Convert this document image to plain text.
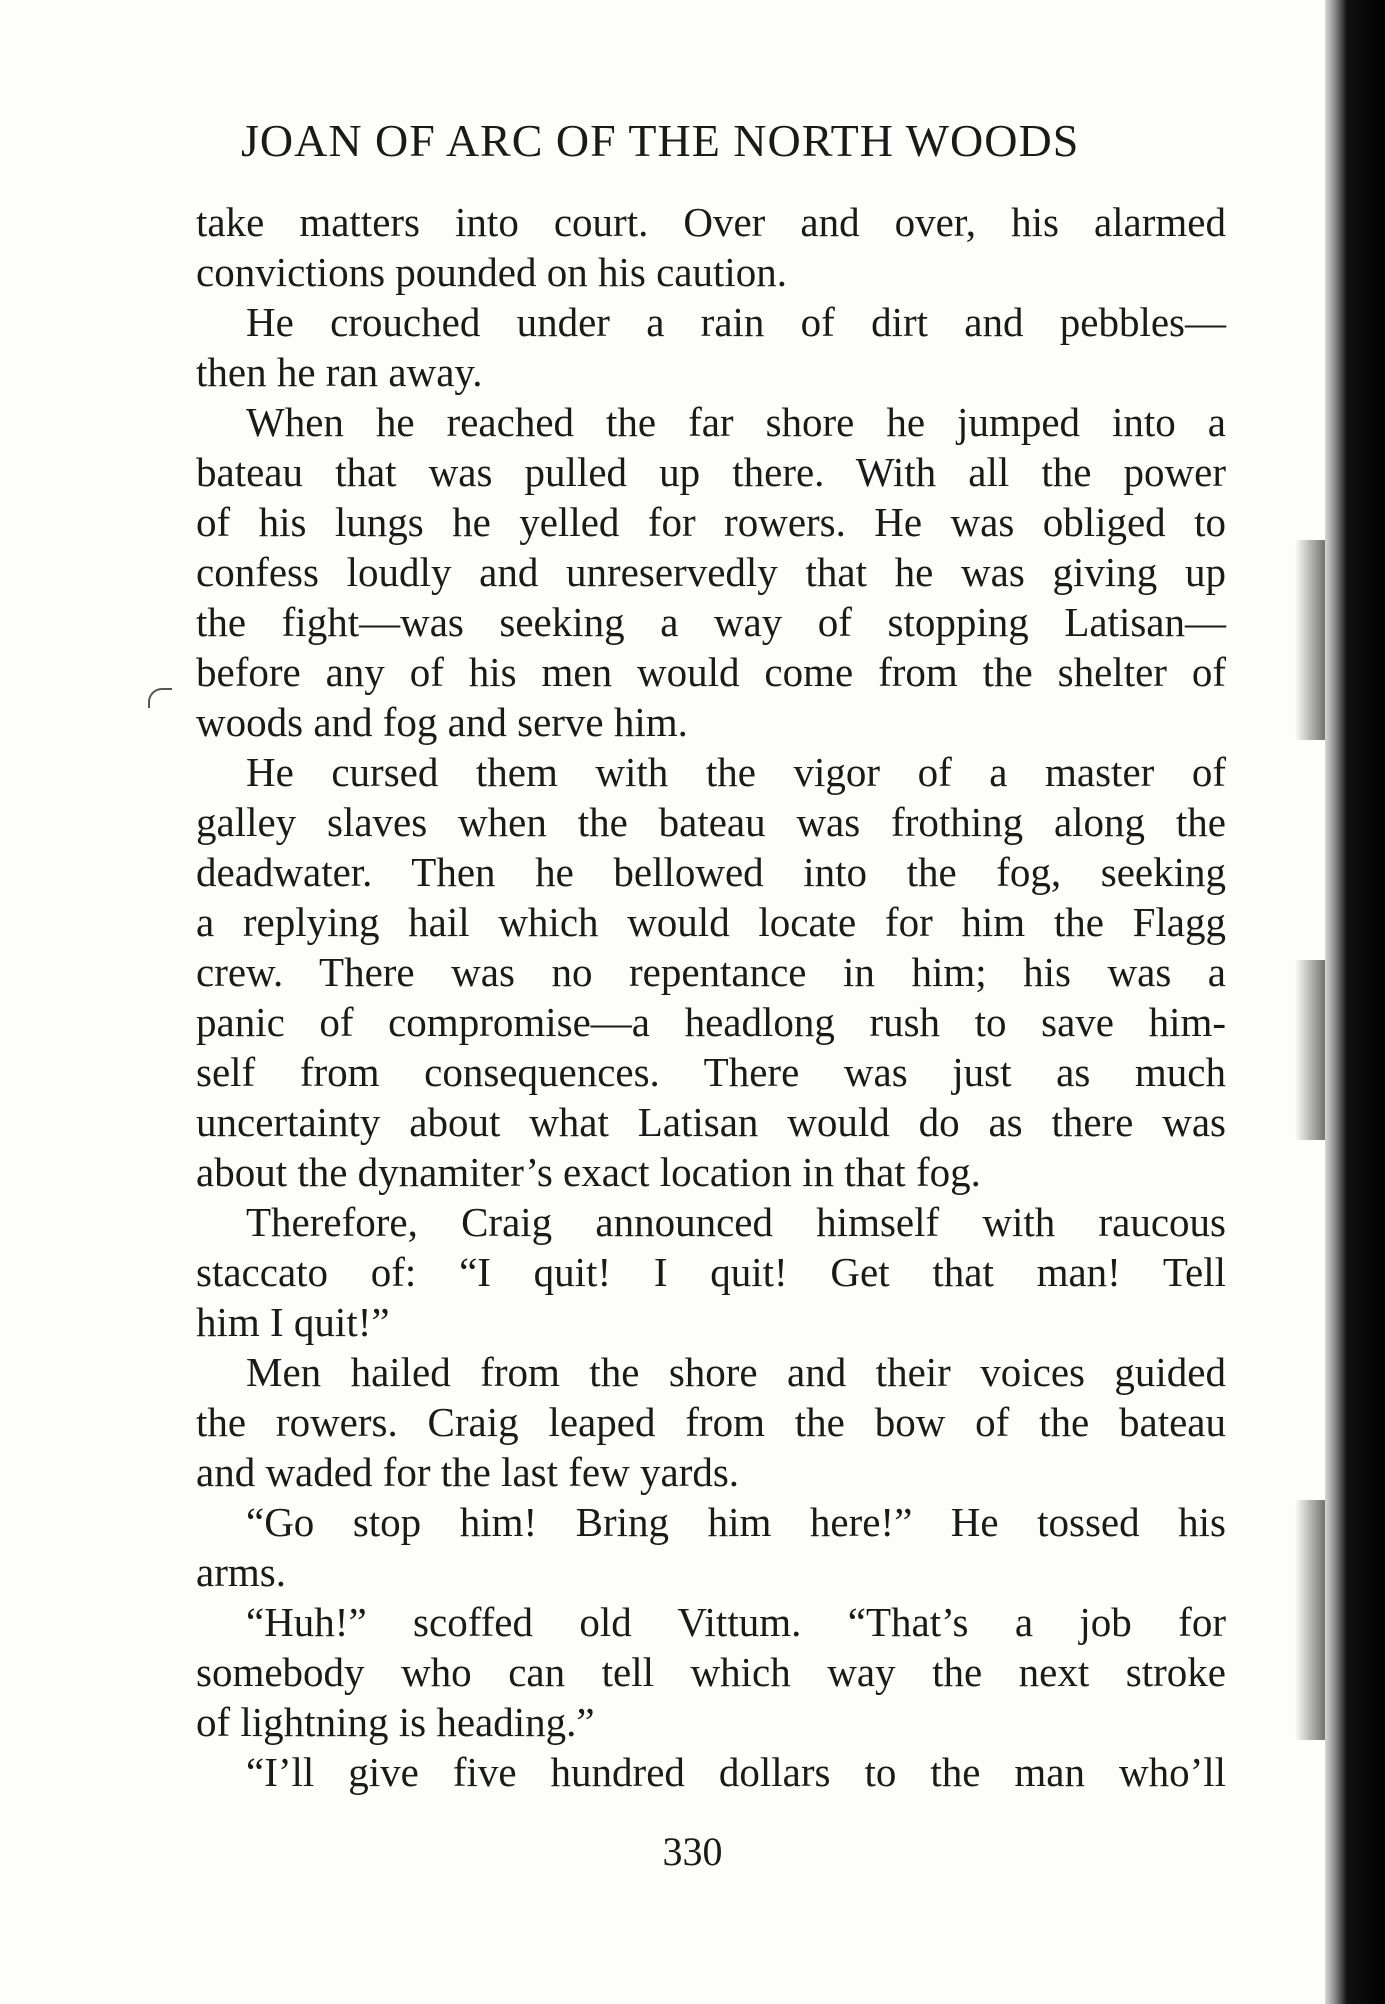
JOAN OF ARC OF THE NORTH WOODS
take matters into court. Over and over, his alarmed
convictions pounded on his caution.
He crouched under a rain of dirt and pebbles—
then he ran away.
When he reached the far shore he jumped into a
bateau that was pulled up there. With all the power
of his lungs he yelled for rowers. He was obliged to
confess loudly and unreservedly that he was giving up
the fight—was seeking a way of stopping Latisan—
before any of his men would come from the shelter of
woods and fog and serve him.
He cursed them with the vigor of a master of
galley slaves when the bateau was frothing along the
deadwater. Then he bellowed into the fog, seeking
a replying hail which would locate for him the Flagg
crew. There was no repentance in him; his was a
panic of compromise—a headlong rush to save him-
self from consequences. There was just as much
uncertainty about what Latisan would do as there was
about the dynamiter’s exact location in that fog.
Therefore, Craig announced himself with raucous
staccato of: “I quit! I quit! Get that man! Tell
him I quit!”
Men hailed from the shore and their voices guided
the rowers. Craig leaped from the bow of the bateau
and waded for the last few yards.
“Go stop him! Bring him here!” He tossed his
arms.
“Huh!” scoffed old Vittum. “That’s a job for
somebody who can tell which way the next stroke
of lightning is heading.”
“I’ll give five hundred dollars to the man who’ll
330
